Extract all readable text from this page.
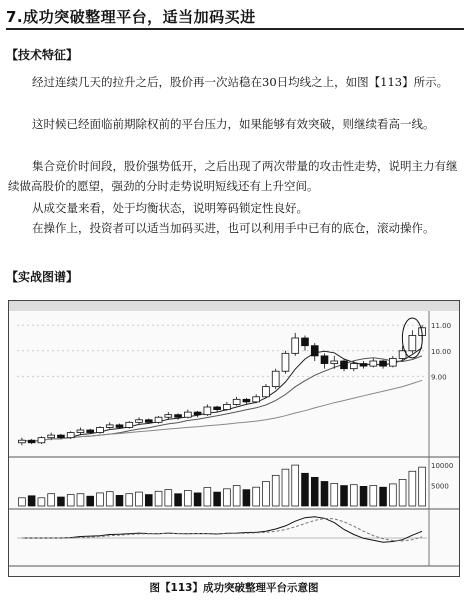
7.成功突破整理平台，适当加码买进
【技术特征】

经过连续几天的拉升之后，股价再一次站稳在30日均线之上，如图【113】所示。

这时候已经面临前期除权前的平台压力，如果能够有效突破，则继续看高一线。

集合竞价时间段，股价强势低开，之后出现了两次带量的攻击性走势，说明主力有继续做高股价的愿望，强劲的分时走势说明短线还有上升空间。

从成交量来看，处于均衡状态，说明筹码锁定性良好。

在操作上，投资者可以适当加码买进，也可以利用手中已有的底仓，滚动操作。

【实战图谱】
11.00
10.00
9.00
10000
5000
图【113】成功突破整理平台示意图
